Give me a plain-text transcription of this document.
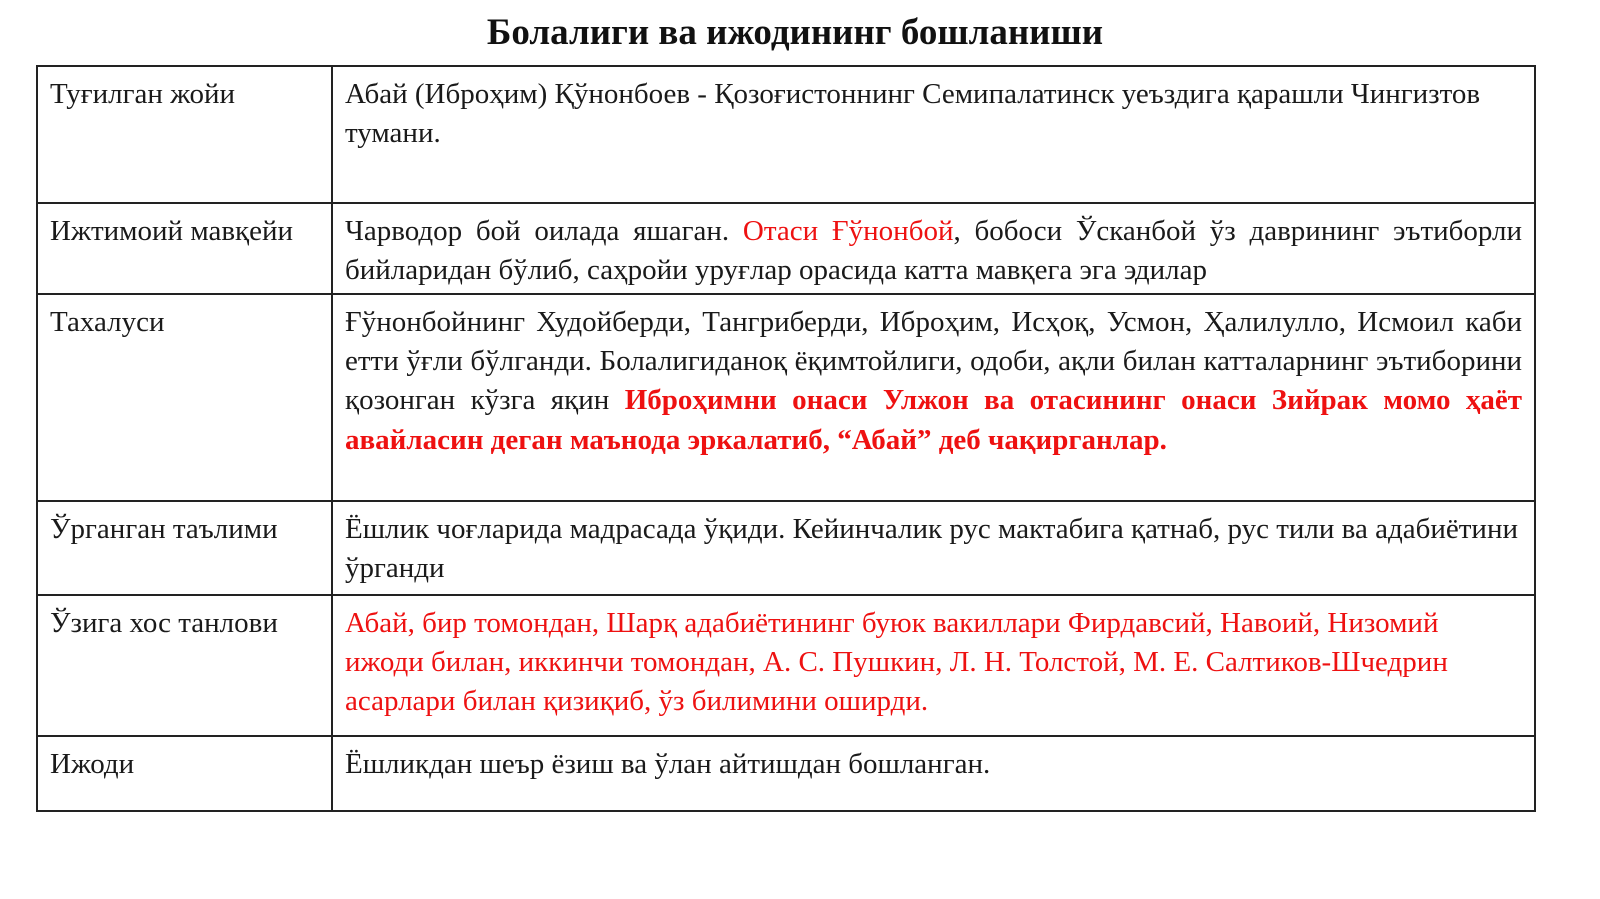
Болалиги ва ижодининг бошланиши
Туғилган жойи	Абай (Иброҳим) Қўнонбоев - Қозоғистоннинг Семипалатинск уеъздига қарашли Чингизтов тумани.
Ижтимоий мавқейи	Чарводор бой оилада яшаган. Отаси Ғўнонбой, бобоси Ўсканбой ўз даврининг эътиборли бийларидан бўлиб, саҳройи уруғлар орасида катта мавқега эга эдилар
Тахалуси	Ғўнонбойнинг Худойберди, Тангриберди, Иброҳим, Исҳоқ, Усмон, Ҳалилулло, Исмоил каби етти ўғли бўлганди. Болалигиданоқ ёқимтойлиги, одоби, ақли билан катталарнинг эътиборини қозонган кўзга яқин Иброҳимни онаси Улжон ва отасининг онаси Зийрак момо ҳаёт авайласин деган маънода эркалатиб, “Абай” деб чақирганлар.
Ўрганган таълими	Ёшлик чоғларида мадрасада ўқиди. Кейинчалик рус мактабига қатнаб, рус тили ва адабиётини ўрганди
Ўзига хос танлови	Абай, бир томондан, Шарқ адабиётининг буюк вакиллари Фирдавсий, Навоий, Низомий ижоди билан, иккинчи томондан, А. С. Пушкин, Л. Н. Толстой, М. Е. Салтиков-Шчедрин асарлари билан қизиқиб, ўз билимини оширди.
Ижоди	Ёшликдан шеър ёзиш ва ўлан айтишдан бошланган.
